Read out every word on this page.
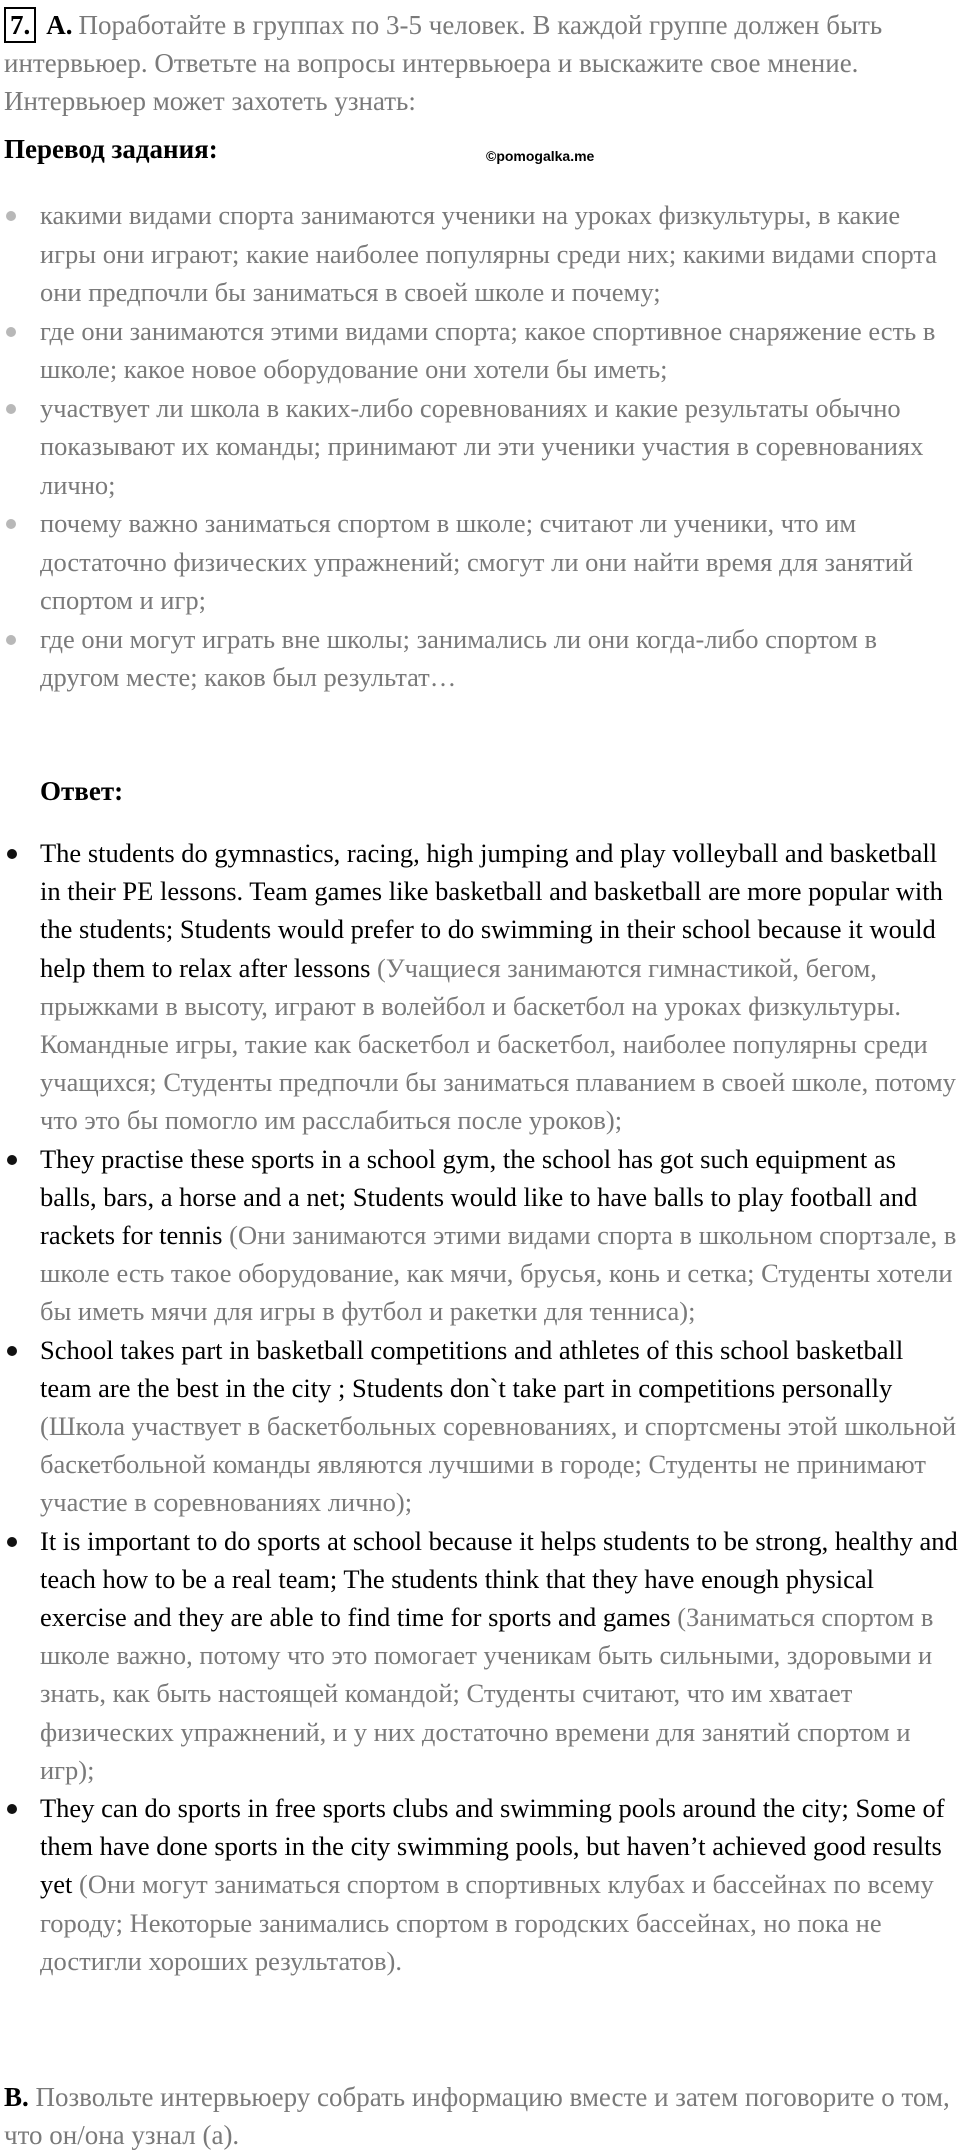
7. A. Поработайте в группах по 3-5 человек. В каждой группе должен быть интервьюер. Ответьте на вопросы интервьюера и выскажите свое мнение. Интервьюер может захотеть узнать:
Перевод задания:	©pomogalka.me
какими видами спорта занимаются ученики на уроках физкультуры, в какие игры они играют; какие наиболее популярны среди них; какими видами спорта они предпочли бы заниматься в своей школе и почему;
где они занимаются этими видами спорта; какое спортивное снаряжение есть в школе; какое новое оборудование они хотели бы иметь;
участвует ли школа в каких-либо соревнованиях и какие результаты обычно показывают их команды; принимают ли эти ученики участия в соревнованиях лично;
почему важно заниматься спортом в школе; считают ли ученики, что им достаточно физических упражнений; смогут ли они найти время для занятий спортом и игр;
где они могут играть вне школы; занимались ли они когда-либо спортом в другом месте; каков был результат…
Ответ:
The students do gymnastics, racing, high jumping and play volleyball and basketball in their PE lessons. Team games like basketball and basketball are more popular with the students; Students would prefer to do swimming in their school because it would help them to relax after lessons (Учащиеся занимаются гимнастикой, бегом, прыжками в высоту, играют в волейбол и баскетбол на уроках физкультуры. Командные игры, такие как баскетбол и баскетбол, наиболее популярны среди учащихся; Студенты предпочли бы заниматься плаванием в своей школе, потому что это бы помогло им расслабиться после уроков);
They practise these sports in a school gym, the school has got such equipment as balls, bars, a horse and a net; Students would like to have balls to play football and rackets for tennis (Они занимаются этими видами спорта в школьном спортзале, в школе есть такое оборудование, как мячи, брусья, конь и сетка; Студенты хотели бы иметь мячи для игры в футбол и ракетки для тенниса);
School takes part in basketball competitions and athletes of this school basketball team are the best in the city ; Students don`t take part in competitions personally (Школа участвует в баскетбольных соревнованиях, и спортсмены этой школьной баскетбольной команды являются лучшими в городе; Студенты не принимают участие в соревнованиях лично);
It is important to do sports at school because it helps students to be strong, healthy and teach how to be a real team; The students think that they have enough physical exercise and they are able to find time for sports and games (Заниматься спортом в школе важно, потому что это помогает ученикам быть сильными, здоровыми и знать, как быть настоящей командой; Студенты считают, что им хватает физических упражнений, и у них достаточно времени для занятий спортом и игр);
They can do sports in free sports clubs and swimming pools around the city; Some of them have done sports in the city swimming pools, but haven’t achieved good results yet (Они могут заниматься спортом в спортивных клубах и бассейнах по всему городу; Некоторые занимались спортом в городских бассейнах, но пока не достигли хороших результатов).
B. Позвольте интервьюеру собрать информацию вместе и затем поговорите о том, что он/она узнал (а).
